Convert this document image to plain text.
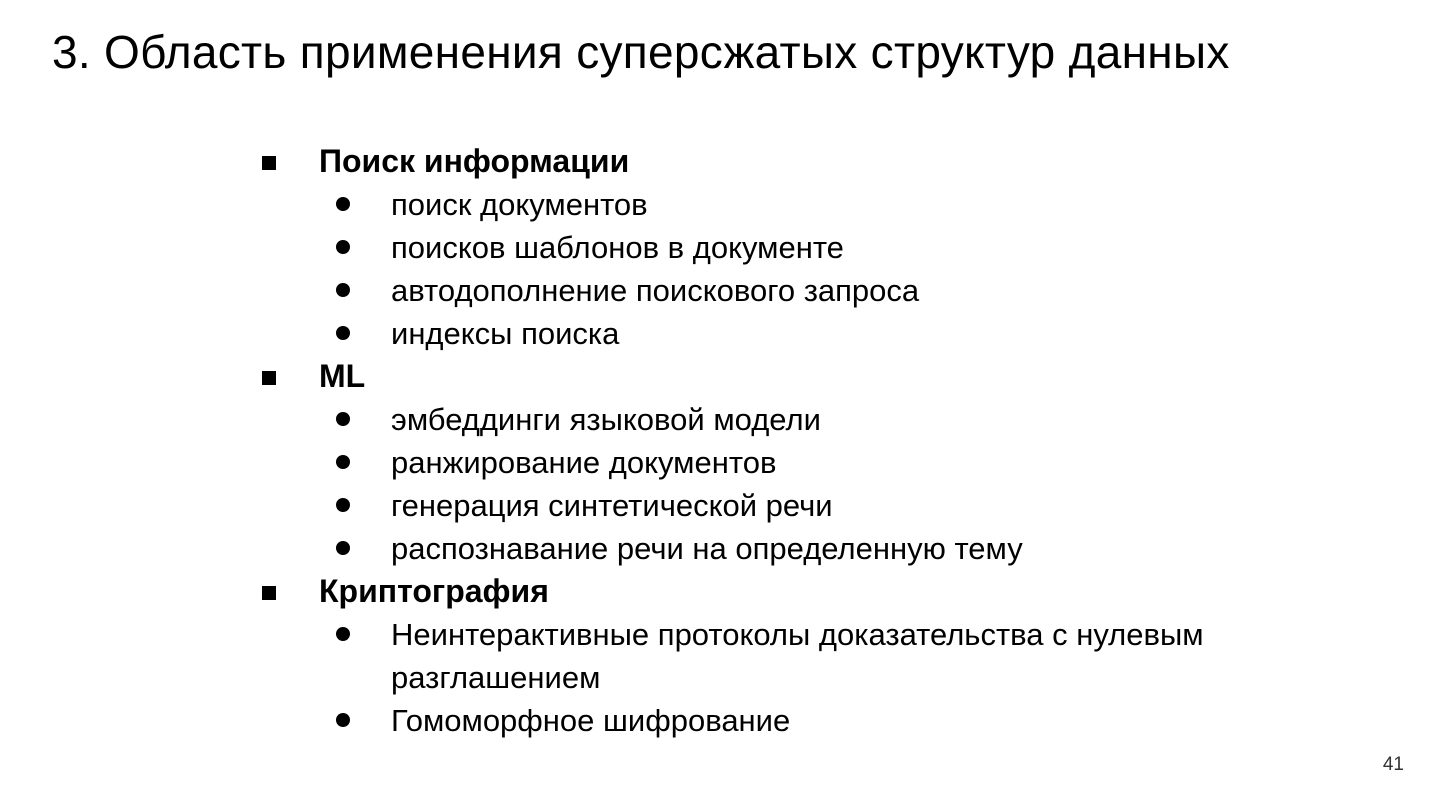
3. Область применения суперсжатых структур данных
Поиск информации
поиск документов
поисков шаблонов в документе
автодополнение поискового запроса
индексы поиска
ML
эмбеддинги языковой модели
ранжирование документов
генерация синтетической речи
распознавание речи на определенную тему
Криптография
Неинтерактивные протоколы доказательства с нулевым разглашением
Гомоморфное шифрование
41
